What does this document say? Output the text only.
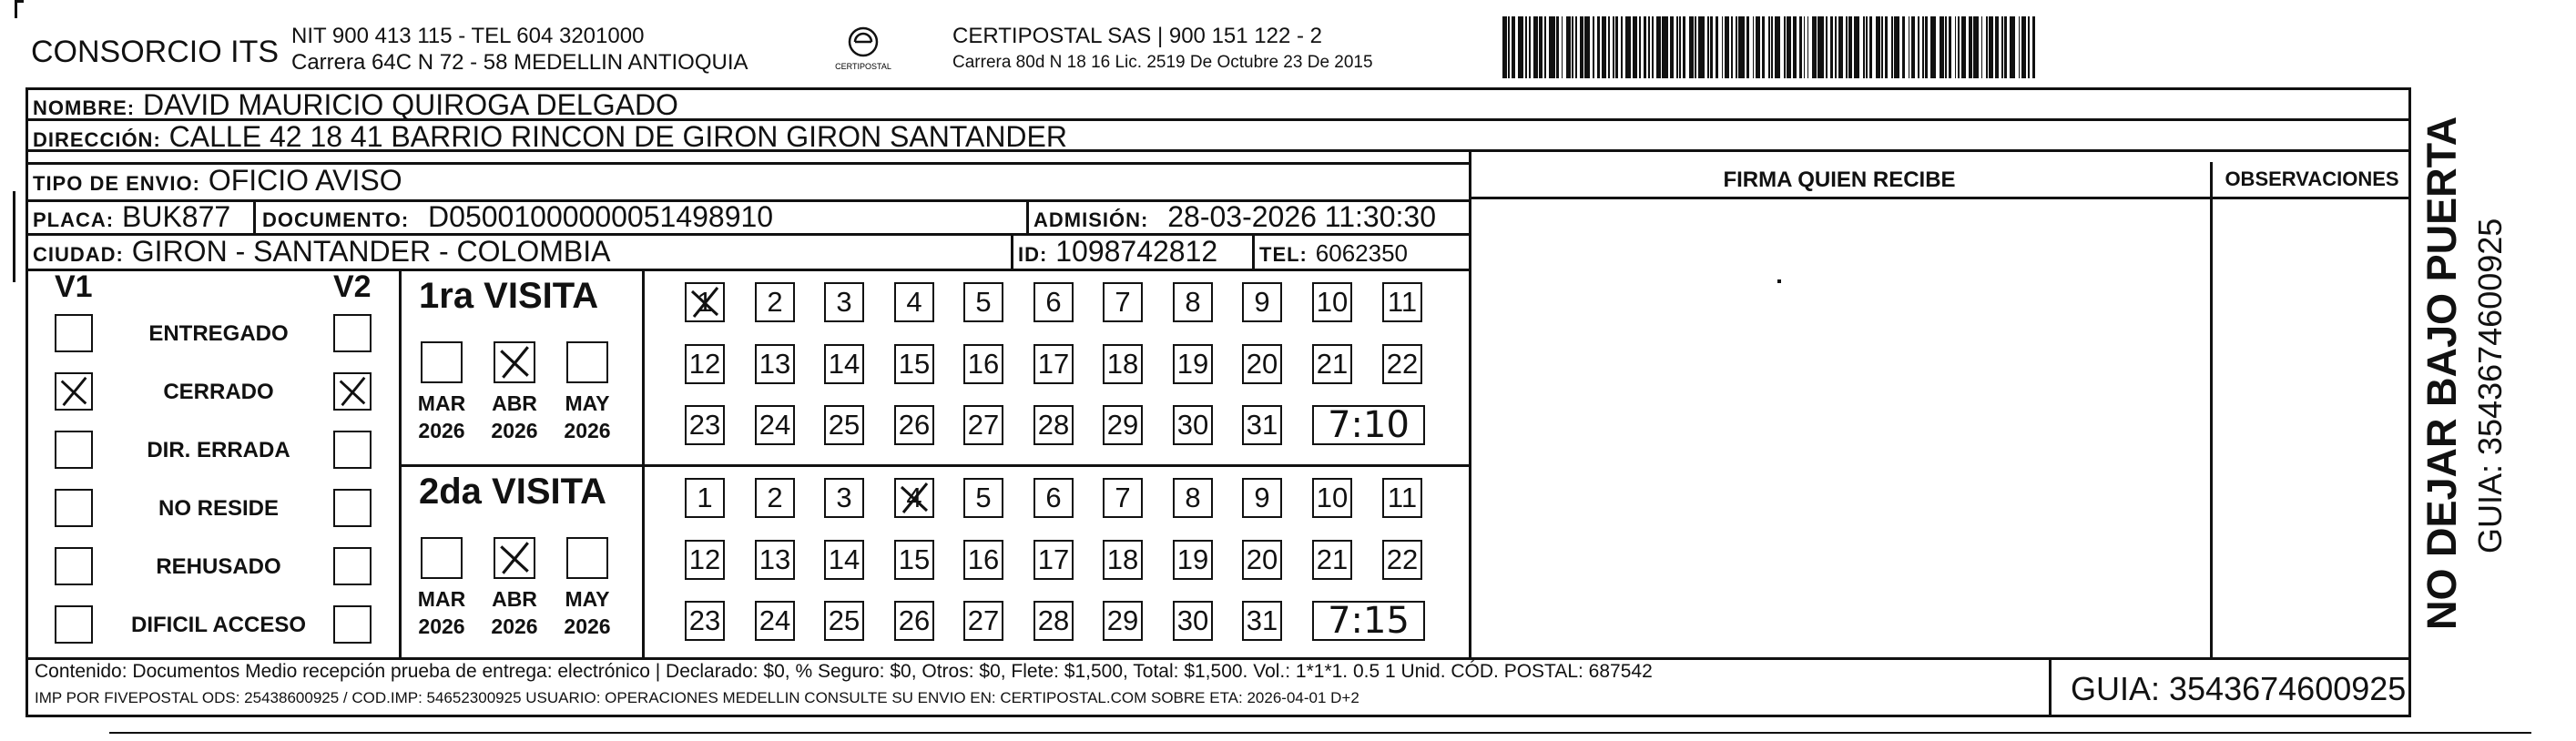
CONSORCIO ITS NIT 900 413 115 - TEL 604 3201000
Carrera 64C N 72 - 58 MEDELLIN ANTIOQUIA	CERTIPOSTAL
CERTIPOSTAL SAS | 900 151 122 - 2
Carrera 80d N 18 16 Lic. 2519 De Octubre 23 De 2015
NOMBRE: DAVID MAURICIO QUIROGA DELGADO
DIRECCIÓN: CALLE 42 18 41 BARRIO RINCON DE GIRON GIRON SANTANDER
TIPO DE ENVIO: OFICIO AVISO
PLACA: BUK877 DOCUMENTO: D05001000000051498910	ADMISIÓN: 28-03-2026 11:30:30
CIUDAD: GIRON - SANTANDER - COLOMBIA	ID: 1098742812 TEL: 6062350
FIRMA QUIEN RECIBE	OBSERVACIONES
V1	V2
Contenido: Documentos Medio recepción prueba de entrega: electrónico | Declarado: $0, % Seguro: $0, Otros: $0, Flete: $1,500, Total: $1,500. Vol.: 1*1*1. 0.5 1 Unid. CÓD. POSTAL: 687542
IMP POR FIVEPOSTAL ODS: 25438600925 / COD.IMP: 54652300925 USUARIO: OPERACIONES MEDELLIN CONSULTE SU ENVIO EN: CERTIPOSTAL.COM SOBRE ETA: 2026-04-01 D+2	GUIA: 3543674600925
NO DEJAR BAJO PUERTA GUIA: 3543674600925
ENTREGADO
CERRADO
DIR. ERRADA
NO RESIDE
REHUSADO
DIFICIL ACCESO
1ra VISITA
MAR
2026
ABR
2026
MAY
2026
1	2	3	4	5	6	7	8	9	10 11
12 13 14 15 16 17 18 19 20 21 22
23 24 25 26 27 28 29 30 31	7:10
2da VISITA
MAR
2026
ABR
2026
MAY
2026
1	2	3	4	5	6	7	8	9	10 11
12 13 14 15 16 17 18 19 20 21 22
23 24 25 26 27 28 29 30 31	7:15
